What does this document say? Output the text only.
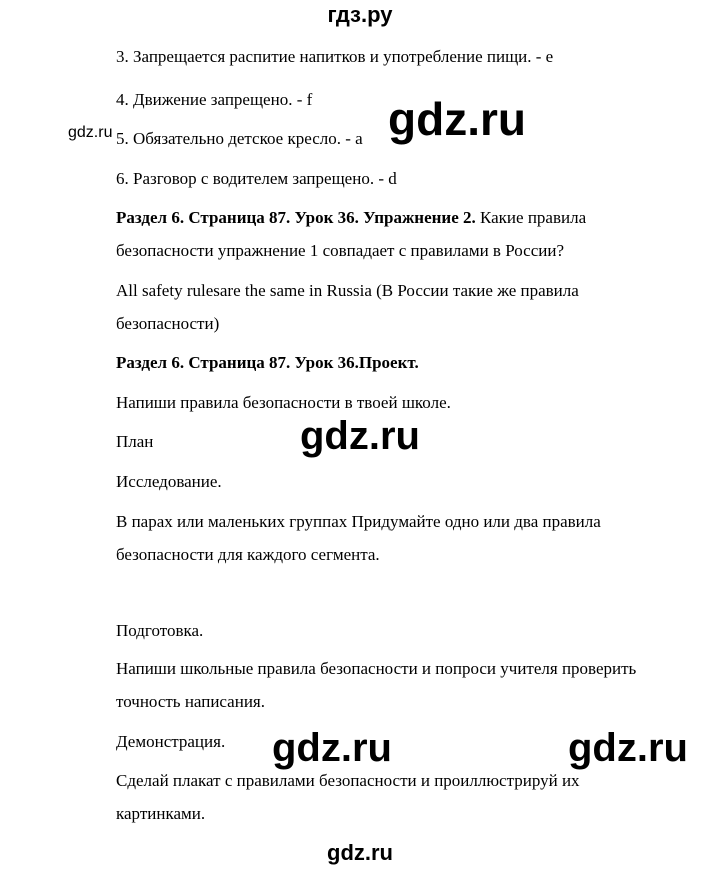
гдз.ру
3. Запрещается распитие напитков и употребление пищи. - e
4. Движение запрещено. - f
5. Обязательно детское кресло. - a
6. Разговор с водителем запрещено. - d
Раздел 6. Страница 87. Урок 36. Упражнение 2. Какие правила
безопасности упражнение 1 совпадает с правилами в России?
All safety rulesare the same in Russia (В России такие же правила
безопасности)
Раздел 6. Страница 87. Урок 36.Проект.
Напиши правила безопасности в твоей школе.
План
Исследование.
В парах или маленьких группах Придумайте одно или два правила
безопасности для каждого сегмента.
Подготовка.
Напиши школьные правила безопасности и попроси учителя проверить
точность написания.
Демонстрация.
Сделай плакат с правилами безопасности и проиллюстрируй их
картинками.
gdz.ru	gdz.ru
gdz.ru
gdz.ru	gdz.ru
gdz.ru
